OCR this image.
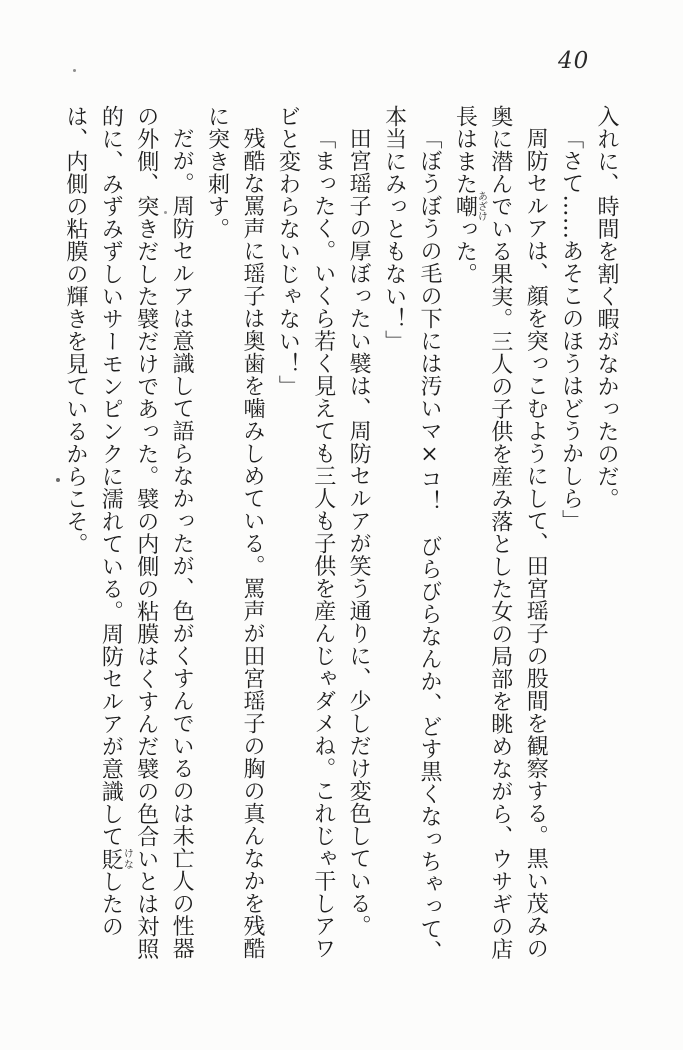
40

入れに、時間を割く暇がなかったのだ。

「さて……あそこのほうはどうかしら」

周防セルアは、顔を突っこむようにして、田宮瑶子の股間を観察する。黒い茂みの奥に潜んでいる果実。三人の子供を産み落とした女の局部を眺めながら、ウサギの店長はまた嘲あざけった。

「ぼうぼうの毛の下には汚いマ×コ！　びらびらなんか、どす黒くなっちゃって、本当にみっともない！」

田宮瑶子の厚ぼったい襞は、周防セルアが笑う通りに、少しだけ変色している。

「まったく。いくら若く見えても三人も子供を産んじゃダメね。これじゃ干しアワビと変わらないじゃない！」

残酷な罵声に瑶子は奥歯を噛みしめている。罵声が田宮瑶子の胸の真んなかを残酷に突き刺す。

だが。周防セルアは意識して語らなかったが、色がくすんでいるのは未亡人の性器の外側、突きだした襞だけであった。襞の内側の粘膜はくすんだ襞の色合いとは対照的に、みずみずしいサーモンピンクに濡れている。周防セルアが意識して貶けなしたのは、内側の粘膜の輝きを見ているからこそ。
